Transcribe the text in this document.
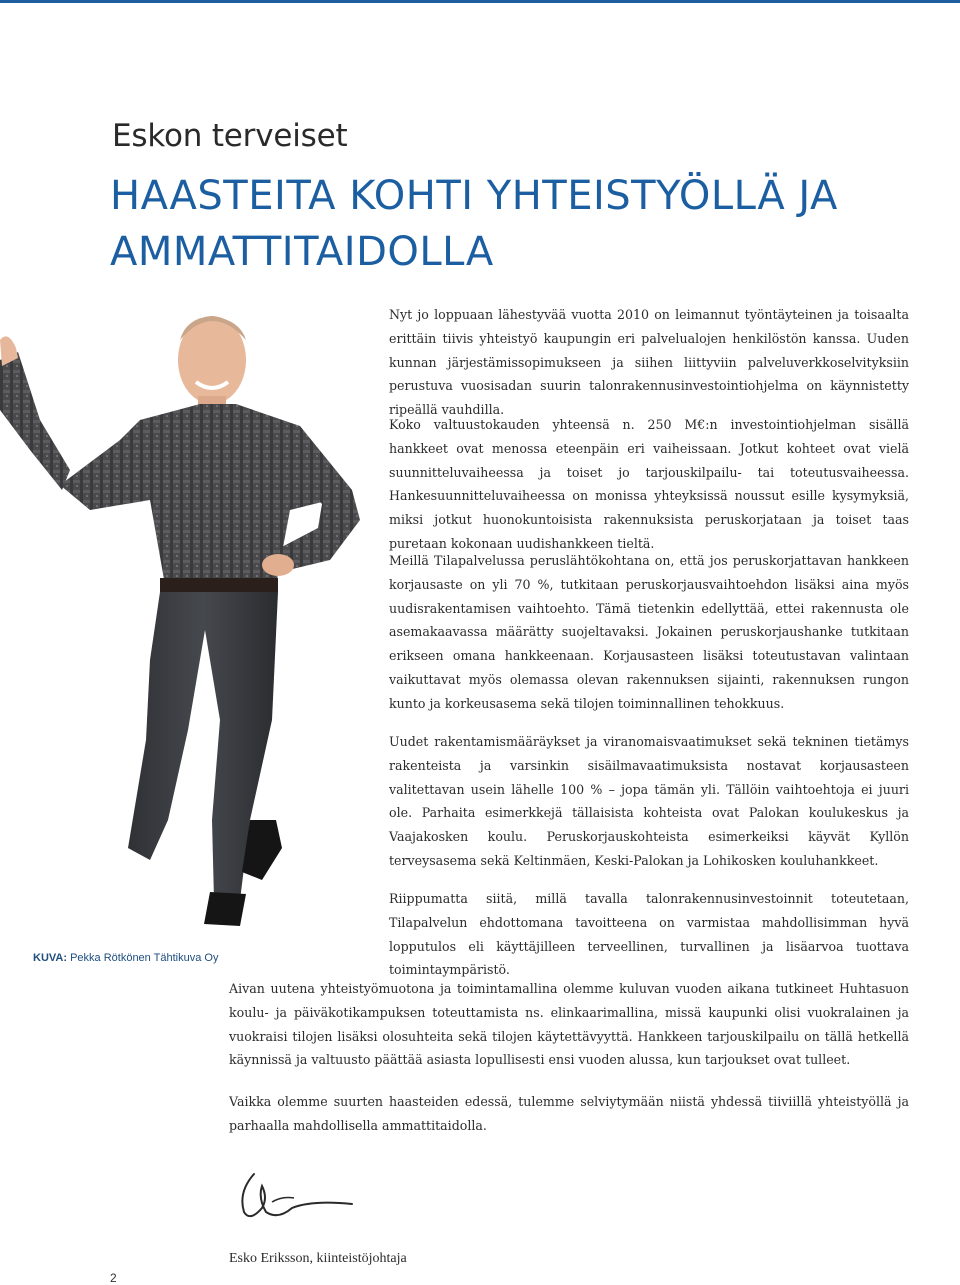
Eskon terveiset
HAASTEITA KOHTI YHTEISTYÖLLÄ JA AMMATTITAIDOLLA
KUVA: Pekka Rötkönen Tähtikuva Oy

Nyt jo loppuaan lähestyvää vuotta 2010 on leimannut työntäyteinen ja toisaalta erittäin tiivis yhteistyö kaupungin eri palvelualojen henkilöstön kanssa. Uuden kunnan järjestämissopimukseen ja siihen liittyviin palveluverkkoselvityksiin perustuva vuosisadan suurin talonrakennusinvestointiohjelma on käynnistetty ripeällä vauhdilla.

Koko valtuustokauden yhteensä n. 250 M€:n investointiohjelman sisällä hankkeet ovat menossa eteenpäin eri vaiheissaan. Jotkut kohteet ovat vielä suunnitteluvaiheessa ja toiset jo tarjouskilpailu- tai toteutusvaiheessa. Hankesuunnitteluvaiheessa on monissa yhteyksissä noussut esille kysymyksiä, miksi jotkut huonokuntoisista rakennuksista peruskorjataan ja toiset taas puretaan kokonaan uudishankkeen tieltä.

Meillä Tilapalvelussa peruslähtökohtana on, että jos peruskorjattavan hankkeen korjausaste on yli 70 %, tutkitaan peruskorjausvaihtoehdon lisäksi aina myös uudisrakentamisen vaihtoehto. Tämä tietenkin edellyttää, ettei rakennusta ole asemakaavassa määrätty suojeltavaksi. Jokainen peruskorjaushanke tutkitaan erikseen omana hankkeenaan. Korjausasteen lisäksi toteutustavan valintaan vaikuttavat myös olemassa olevan rakennuksen sijainti, rakennuksen rungon kunto ja korkeusasema sekä tilojen toiminnallinen tehokkuus.

Uudet rakentamismääräykset ja viranomaisvaatimukset sekä tekninen tietämys rakenteista ja varsinkin sisäilmavaatimuksista nostavat korjausasteen valitettavan usein lähelle 100 % – jopa tämän yli. Tällöin vaihtoehtoja ei juuri ole. Parhaita esimerkkejä tällaisista kohteista ovat Palokan koulukeskus ja Vaajakosken koulu. Peruskorjauskohteista esimerkeiksi käyvät Kyllön terveysasema sekä Keltinmäen, Keski-Palokan ja Lohikosken kouluhankkeet.

Riippumatta siitä, millä tavalla talonrakennusinvestoinnit toteutetaan, Tilapalvelun ehdottomana tavoitteena on varmistaa mahdollisimman hyvä lopputulos eli käyttäjilleen terveellinen, turvallinen ja lisäarvoa tuottava toimintaympäristö.

Aivan uutena yhteistyömuotona ja toimintamallina olemme kuluvan vuoden aikana tutkineet Huhtasuon koulu- ja päiväkotikampuksen toteuttamista ns. elinkaarimallina, missä kaupunki olisi vuokralainen ja vuokraisi tilojen lisäksi olosuhteita sekä tilojen käytettävyyttä. Hankkeen tarjouskilpailu on tällä hetkellä käynnissä ja valtuusto päättää asiasta lopullisesti ensi vuoden alussa, kun tarjoukset ovat tulleet.

Vaikka olemme suurten haasteiden edessä, tulemme selviytymään niistä yhdessä tiiviillä yhteistyöllä ja parhaalla mahdollisella ammattitaidolla.

Esko Eriksson, kiinteistöjohtaja
2
